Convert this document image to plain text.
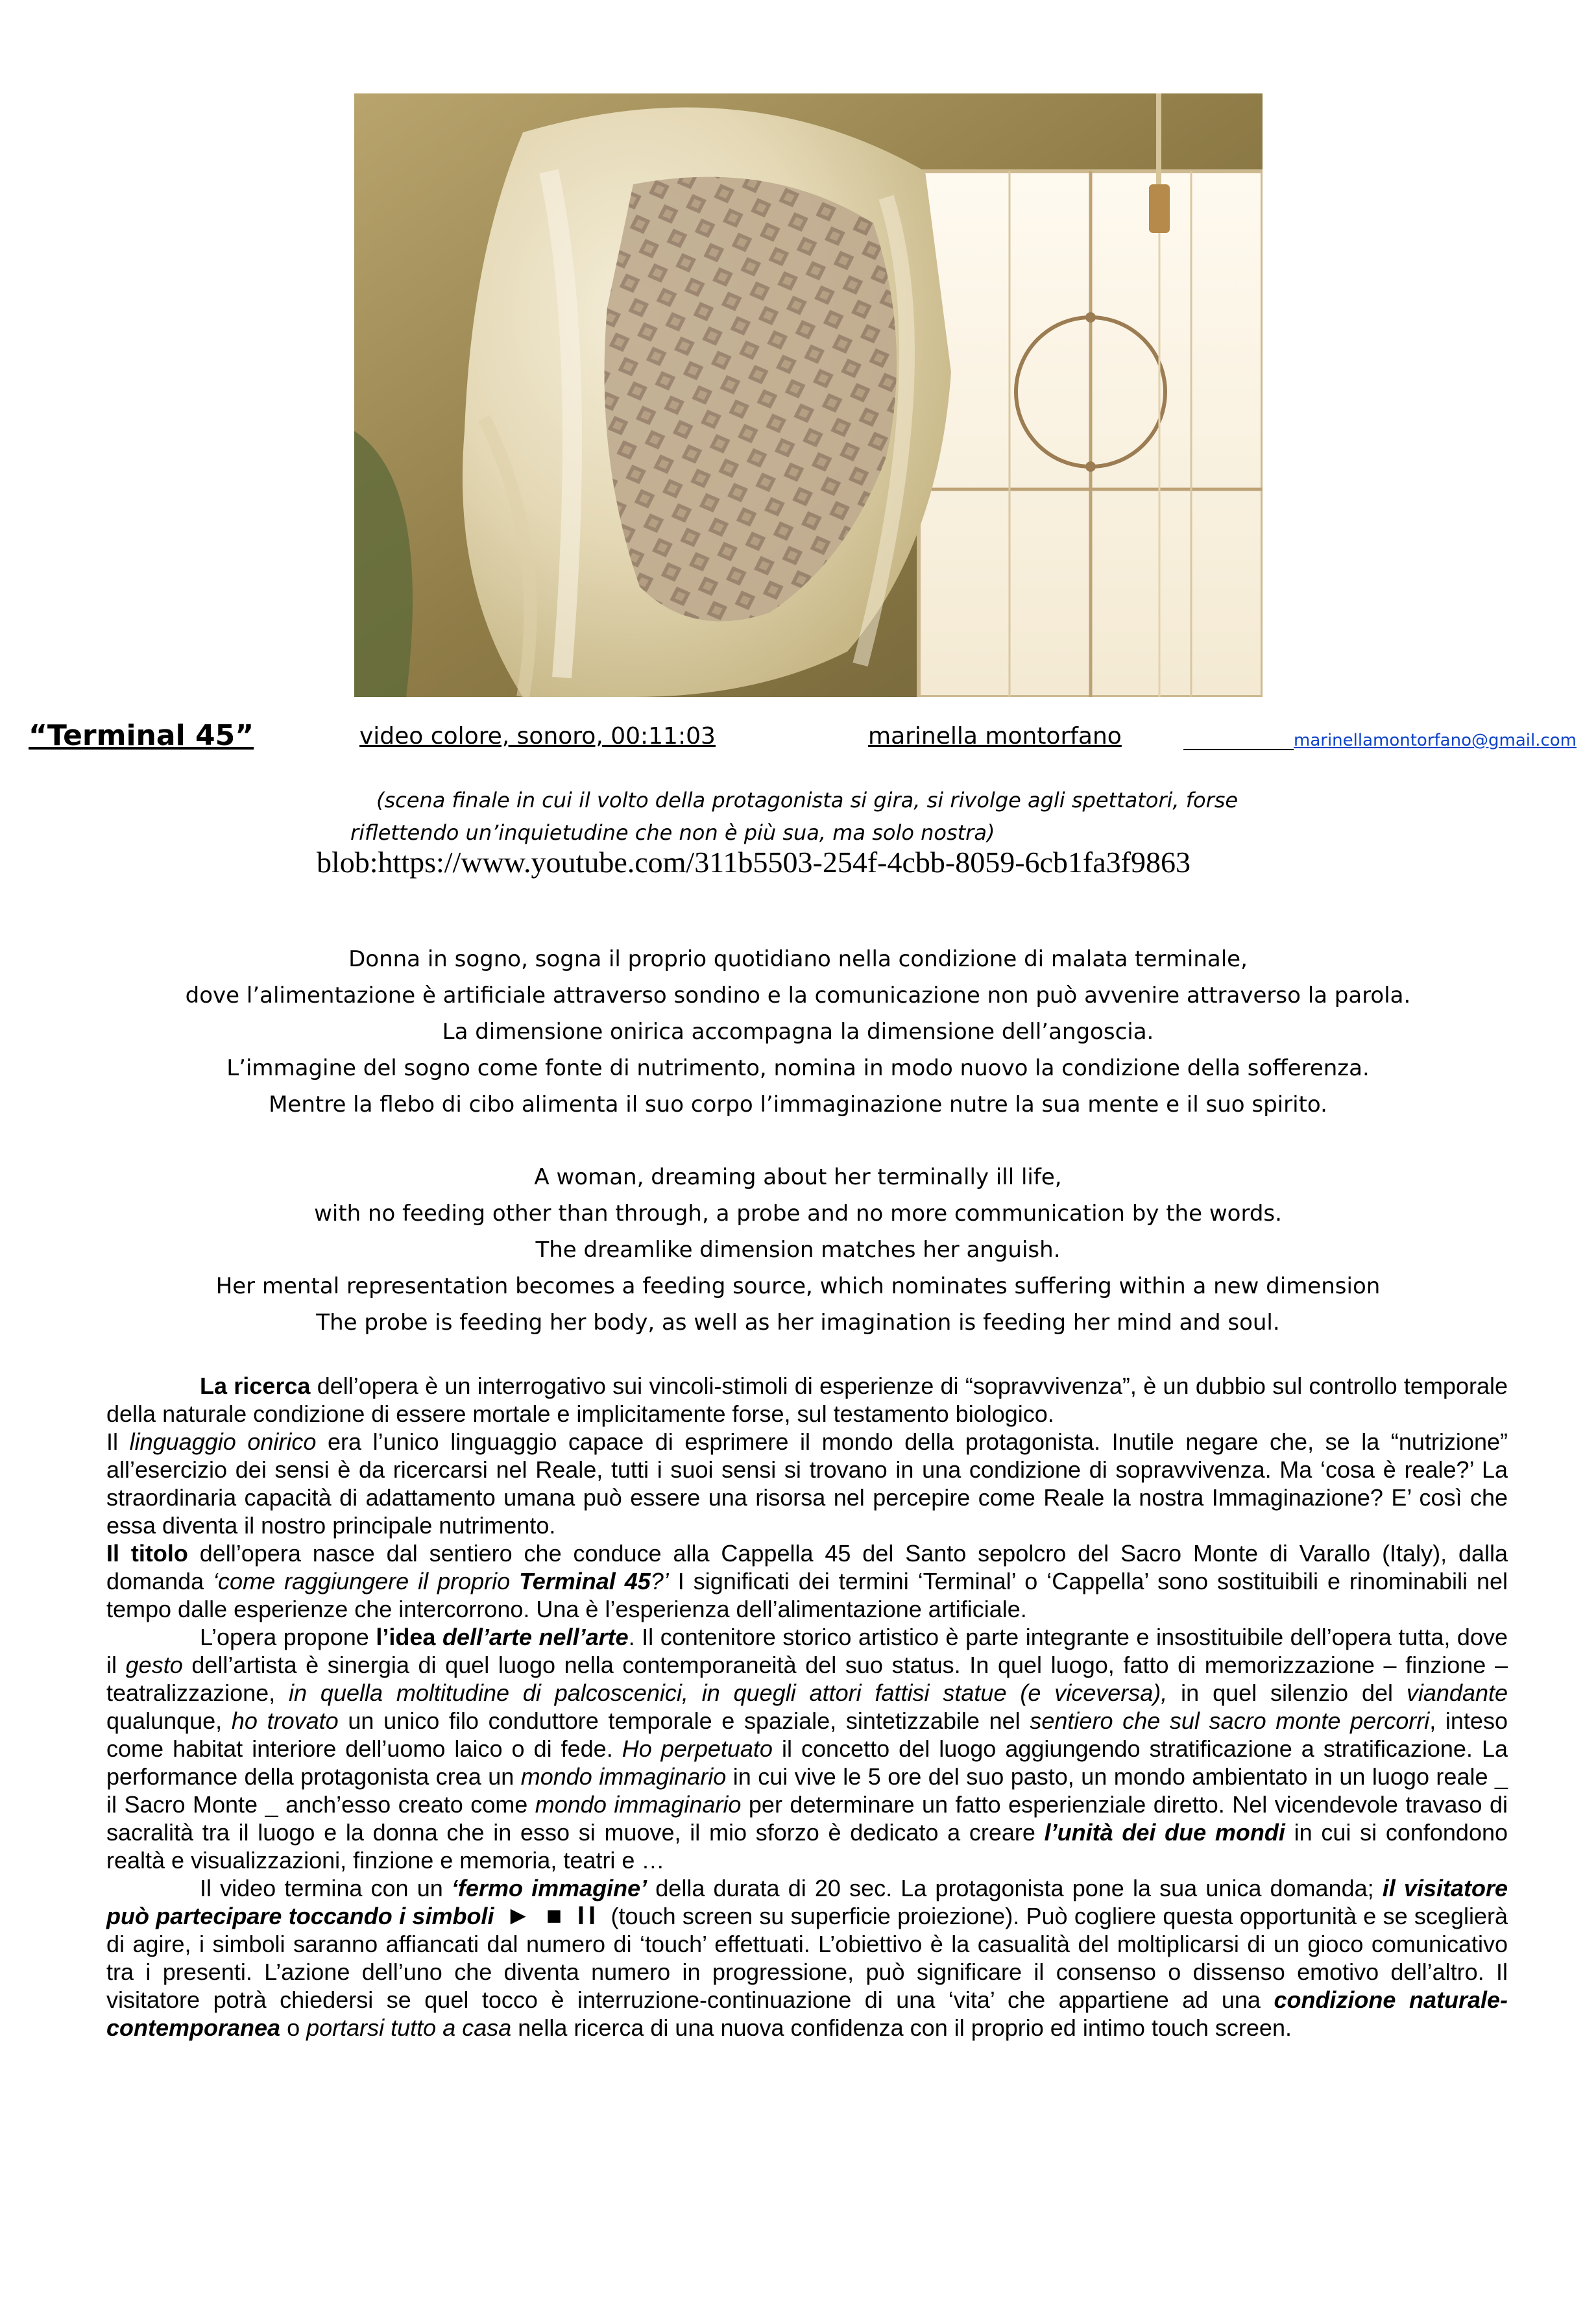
“Terminal 45”	video colore, sonoro, 00:11:03	marinella montorfano	marinellamontorfano@gmail.com
(scena finale in cui il volto della protagonista si gira, si rivolge agli spettatori, forse
riflettendo un’inquietudine che non è più sua, ma solo nostra)
blob:https://www.youtube.com/311b5503-254f-4cbb-8059-6cb1fa3f9863
Donna in sogno, sogna il proprio quotidiano nella condizione di malata terminale,
dove l’alimentazione è artificiale attraverso sondino e la comunicazione non può avvenire attraverso la parola.
La dimensione onirica accompagna la dimensione dell’angoscia.
L’immagine del sogno come fonte di nutrimento, nomina in modo nuovo la condizione della sofferenza.
Mentre la flebo di cibo alimenta il suo corpo l’immaginazione nutre la sua mente e il suo spirito.
A woman, dreaming about her terminally ill life,
with no feeding other than through, a probe and no more communication by the words.
The dreamlike dimension matches her anguish.
Her mental representation becomes a feeding source, which nominates suffering within a new dimension
The probe is feeding her body, as well as her imagination is feeding her mind and soul.

La ricerca dell’opera è un interrogativo sui vincoli-stimoli di esperienze di “sopravvivenza”, è un dubbio sul controllo temporale della naturale condizione di essere mortale e implicitamente forse, sul testamento biologico.

Il linguaggio onirico era l’unico linguaggio capace di esprimere il mondo della protagonista. Inutile negare che, se la “nutrizione” all’esercizio dei sensi è da ricercarsi nel Reale, tutti i suoi sensi si trovano in una condizione di sopravvivenza. Ma ‘cosa è reale?’ La straordinaria capacità di adattamento umana può essere una risorsa nel percepire come Reale la nostra Immaginazione? E’ così che essa diventa il nostro principale nutrimento.

Il titolo dell’opera nasce dal sentiero che conduce alla Cappella 45 del Santo sepolcro del Sacro Monte di Varallo (Italy), dalla domanda ‘come raggiungere il proprio Terminal 45?’ I significati dei termini ‘Terminal’ o ‘Cappella’ sono sostituibili e rinominabili nel tempo dalle esperienze che intercorrono. Una è l’esperienza dell’alimentazione artificiale.

L’opera propone l’idea dell’arte nell’arte. Il contenitore storico artistico è parte integrante e insostituibile dell’opera tutta, dove il gesto dell’artista è sinergia di quel luogo nella contemporaneità del suo status. In quel luogo, fatto di memorizzazione – finzione – teatralizzazione, in quella moltitudine di palcoscenici, in quegli attori fattisi statue (e viceversa), in quel silenzio del viandante qualunque, ho trovato un unico filo conduttore temporale e spaziale, sintetizzabile nel sentiero che sul sacro monte percorri, inteso come habitat interiore dell’uomo laico o di fede. Ho perpetuato il concetto del luogo aggiungendo stratificazione a stratificazione. La performance della protagonista crea un mondo immaginario in cui vive le 5 ore del suo pasto, un mondo ambientato in un luogo reale _ il Sacro Monte _ anch’esso creato come mondo immaginario per determinare un fatto esperienziale diretto. Nel vicendevole travaso di sacralità tra il luogo e la donna che in esso si muove, il mio sforzo è dedicato a creare l’unità dei due mondi in cui si confondono realtà e visualizzazioni, finzione e memoria, teatri e …

Il video termina con un ‘fermo immagine’ della durata di 20 sec. La protagonista pone la sua unica domanda; il visitatore può partecipare toccando i simboli ► ■ II (touch screen su superficie proiezione). Può cogliere questa opportunità e se sceglierà di agire, i simboli saranno affiancati dal numero di ‘touch’ effettuati. L’obiettivo è la casualità del moltiplicarsi di un gioco comunicativo tra i presenti. L’azione dell’uno che diventa numero in progressione, può significare il consenso o dissenso emotivo dell’altro. Il visitatore potrà chiedersi se quel tocco è interruzione-continuazione di una ‘vita’ che appartiene ad una condizione naturale-contemporanea o portarsi tutto a casa nella ricerca di una nuova confidenza con il proprio ed intimo touch screen.
